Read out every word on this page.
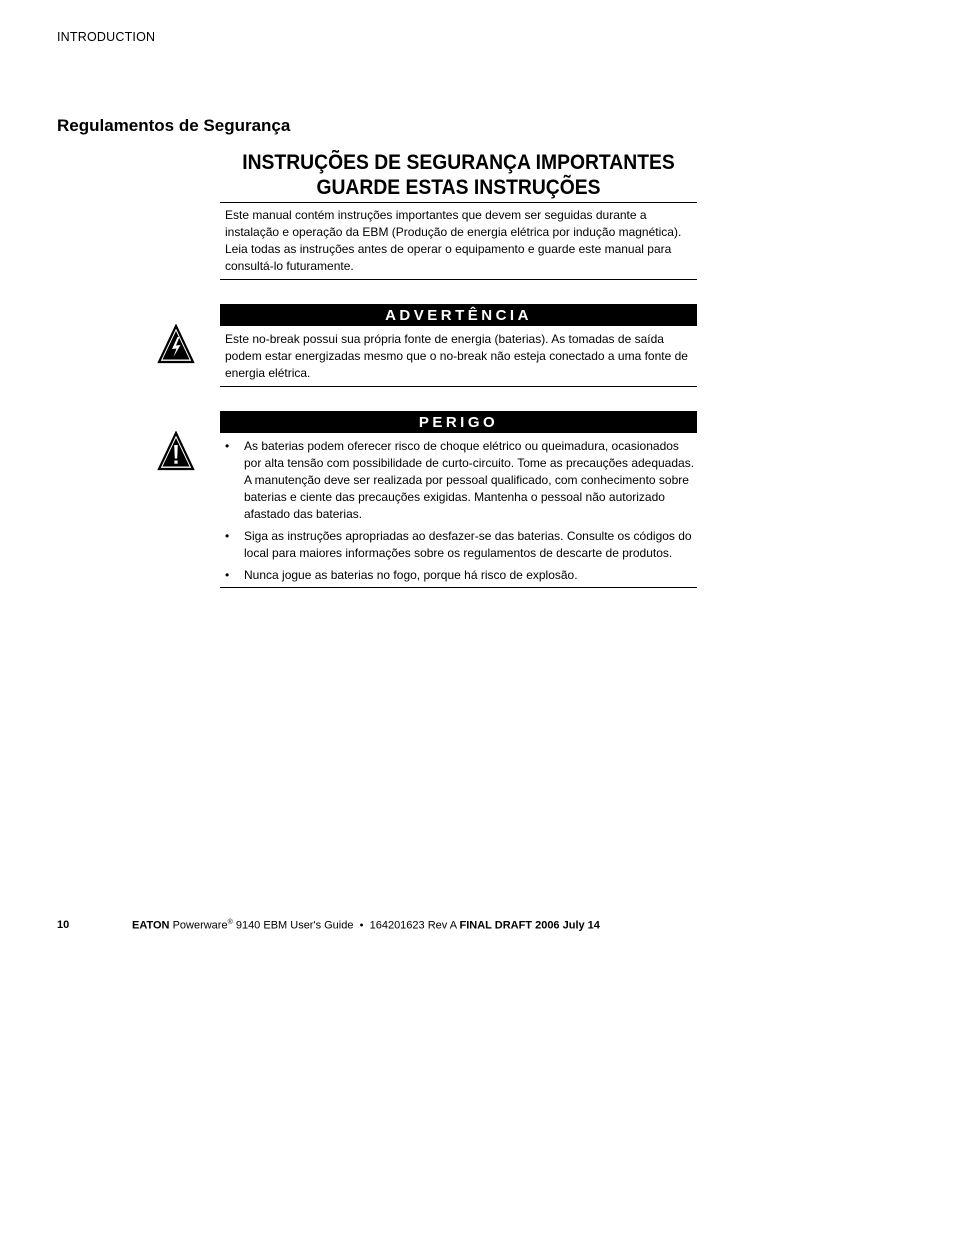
INTRODUCTION
Regulamentos de Segurança
INSTRUÇÕES DE SEGURANÇA IMPORTANTES
GUARDE ESTAS INSTRUÇÕES

Este manual contém instruções importantes que devem ser seguidas durante a instalação e operação da EBM (Produção de energia elétrica por indução magnética). Leia todas as instruções antes de operar o equipamento e guarde este manual para consultá-lo futuramente.

ADVERTÊNCIA

Este no-break possui sua própria fonte de energia (baterias). As tomadas de saída podem estar energizadas mesmo que o no-break não esteja conectado a uma fonte de energia elétrica.

PERIGO
• As baterias podem oferecer risco de choque elétrico ou queimadura, ocasionados por alta tensão com possibilidade de curto-circuito. Tome as precauções adequadas. A manutenção deve ser realizada por pessoal qualificado, com conhecimento sobre baterias e ciente das precauções exigidas. Mantenha o pessoal não autorizado afastado das baterias.
• Siga as instruções apropriadas ao desfazer-se das baterias. Consulte os códigos do local para maiores informações sobre os regulamentos de descarte de produtos.
• Nunca jogue as baterias no fogo, porque há risco de explosão.
10	EATON Powerware® 9140 EBM User's Guide • 164201623 Rev A FINAL DRAFT 2006 July 14
